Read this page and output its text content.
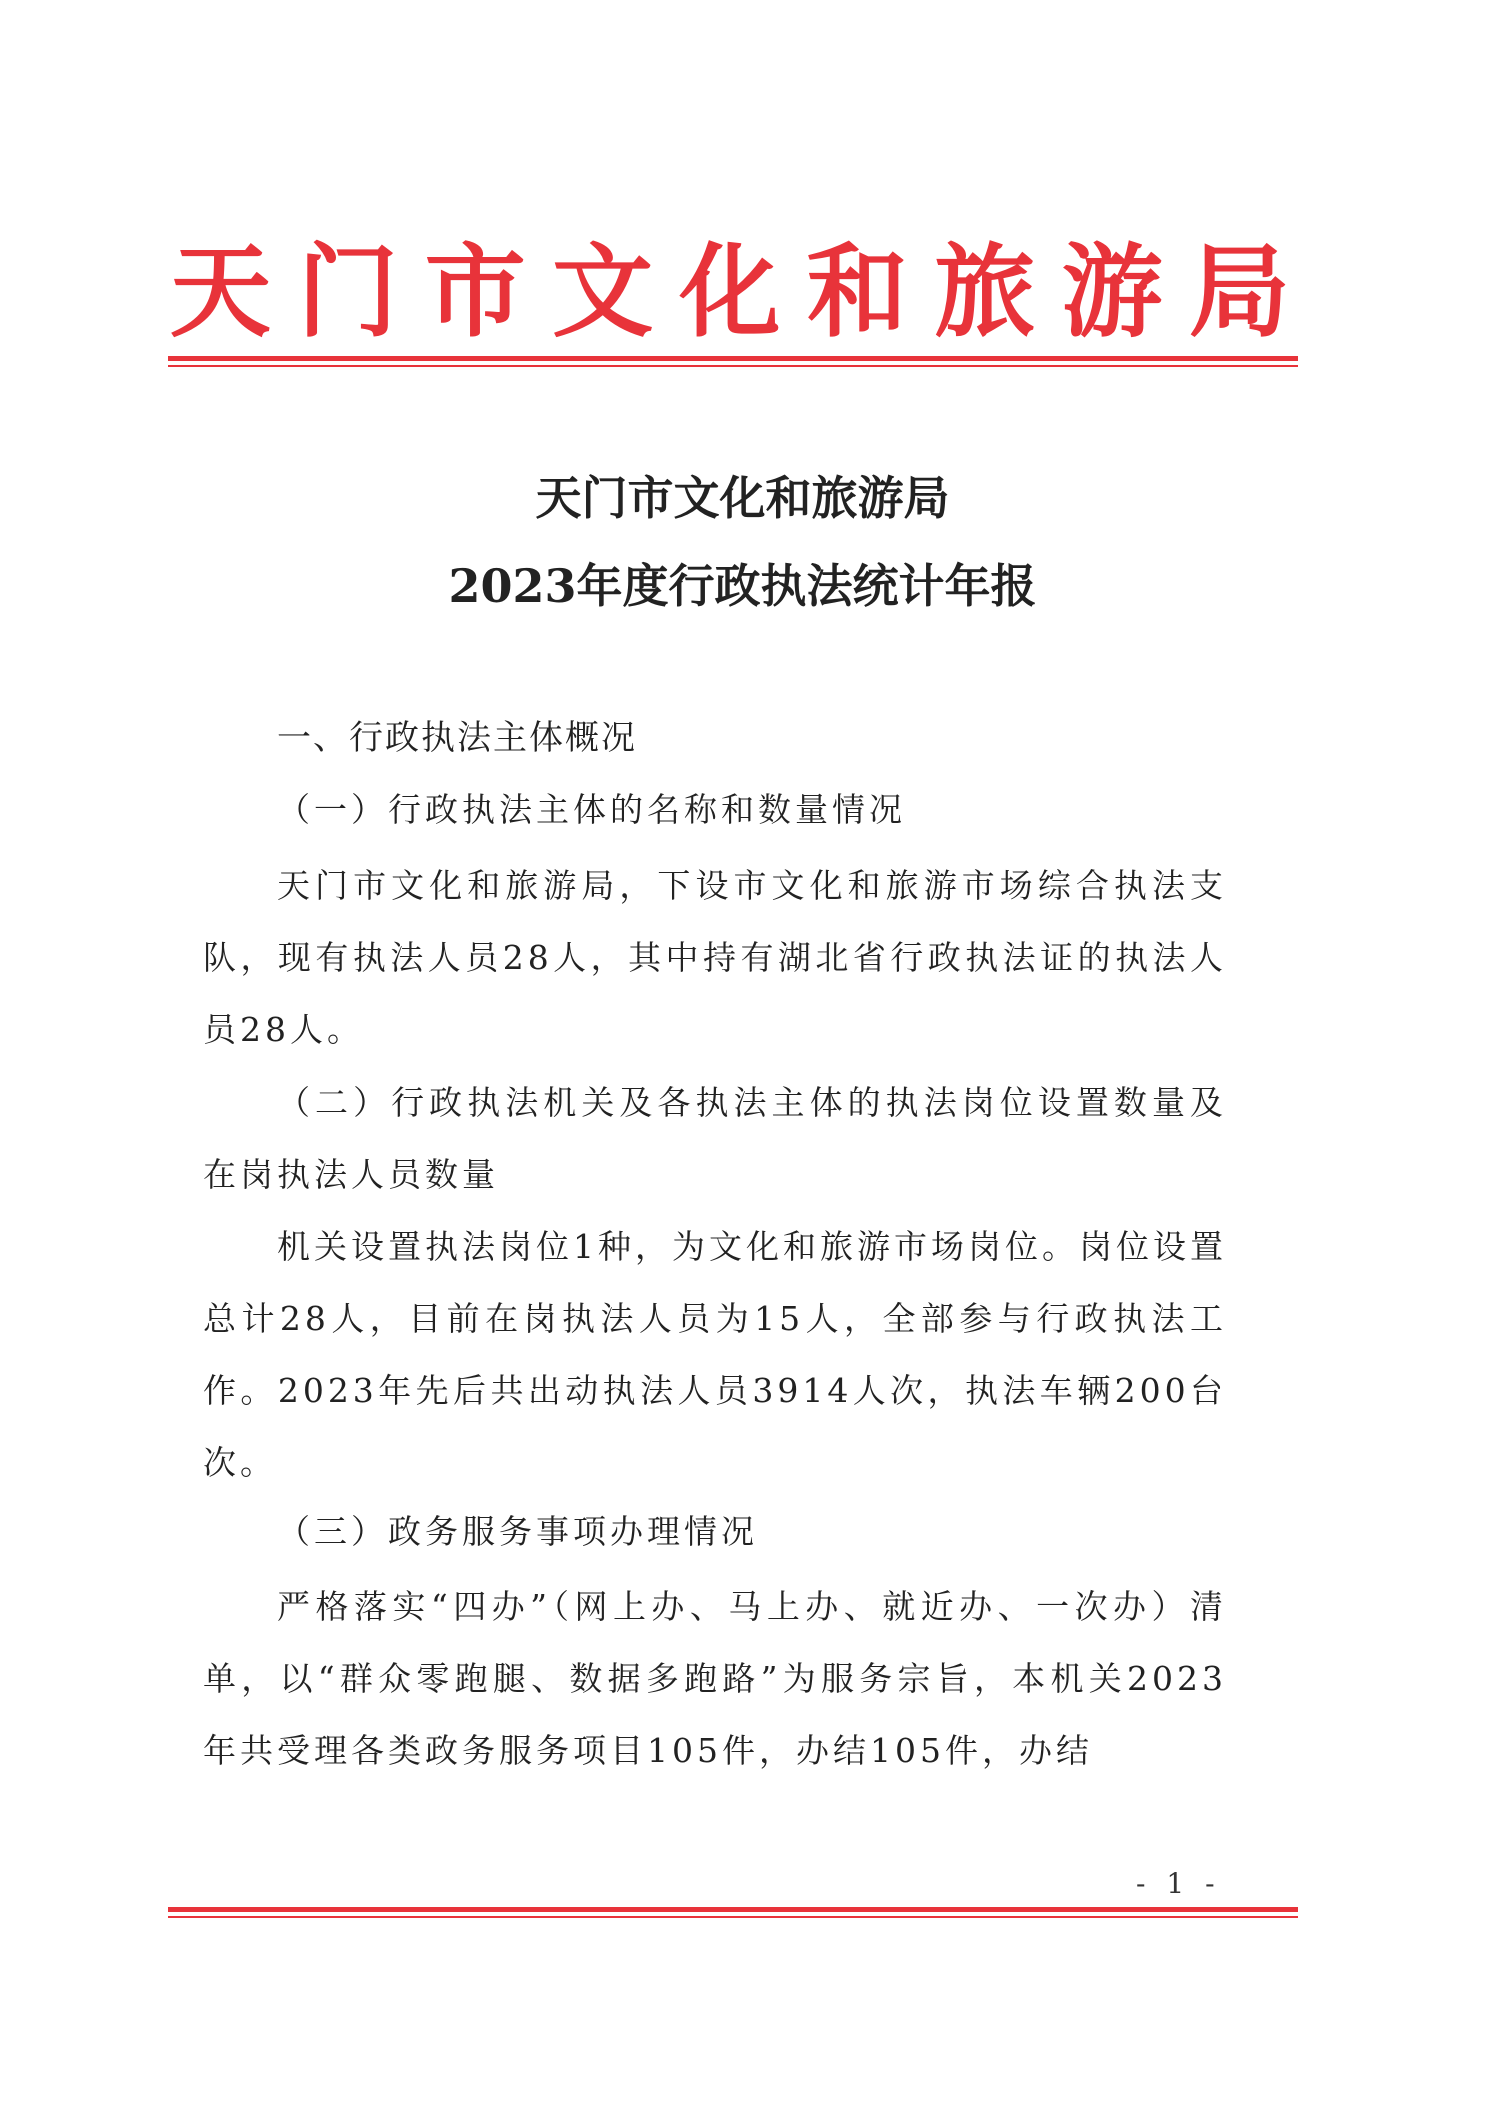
天 门 市 文 化 和 旅 游 局
天门市文化和旅游局
2023年度行政执法统计年报
一、行政执法主体概况
（一）行政执法主体的名称和数量情况
天门市文化和旅游局，下设市文化和旅游市场综合执法支队，现有执法人员28人，其中持有湖北省行政执法证的执法人员28人。
（二）行政执法机关及各执法主体的执法岗位设置数量及在岗执法人员数量
机关设置执法岗位1种，为文化和旅游市场岗位。岗位设置总计28人，目前在岗执法人员为15人，全部参与行政执法工作。2023年先后共出动执法人员3914人次，执法车辆200台次。
（三）政务服务事项办理情况
严格落实“四办”（网上办、马上办、就近办、一次办）清单，以“群众零跑腿、数据多跑路”为服务宗旨，本机关2023年共受理各类政务服务项目105件，办结105件，办结
- 1 -
